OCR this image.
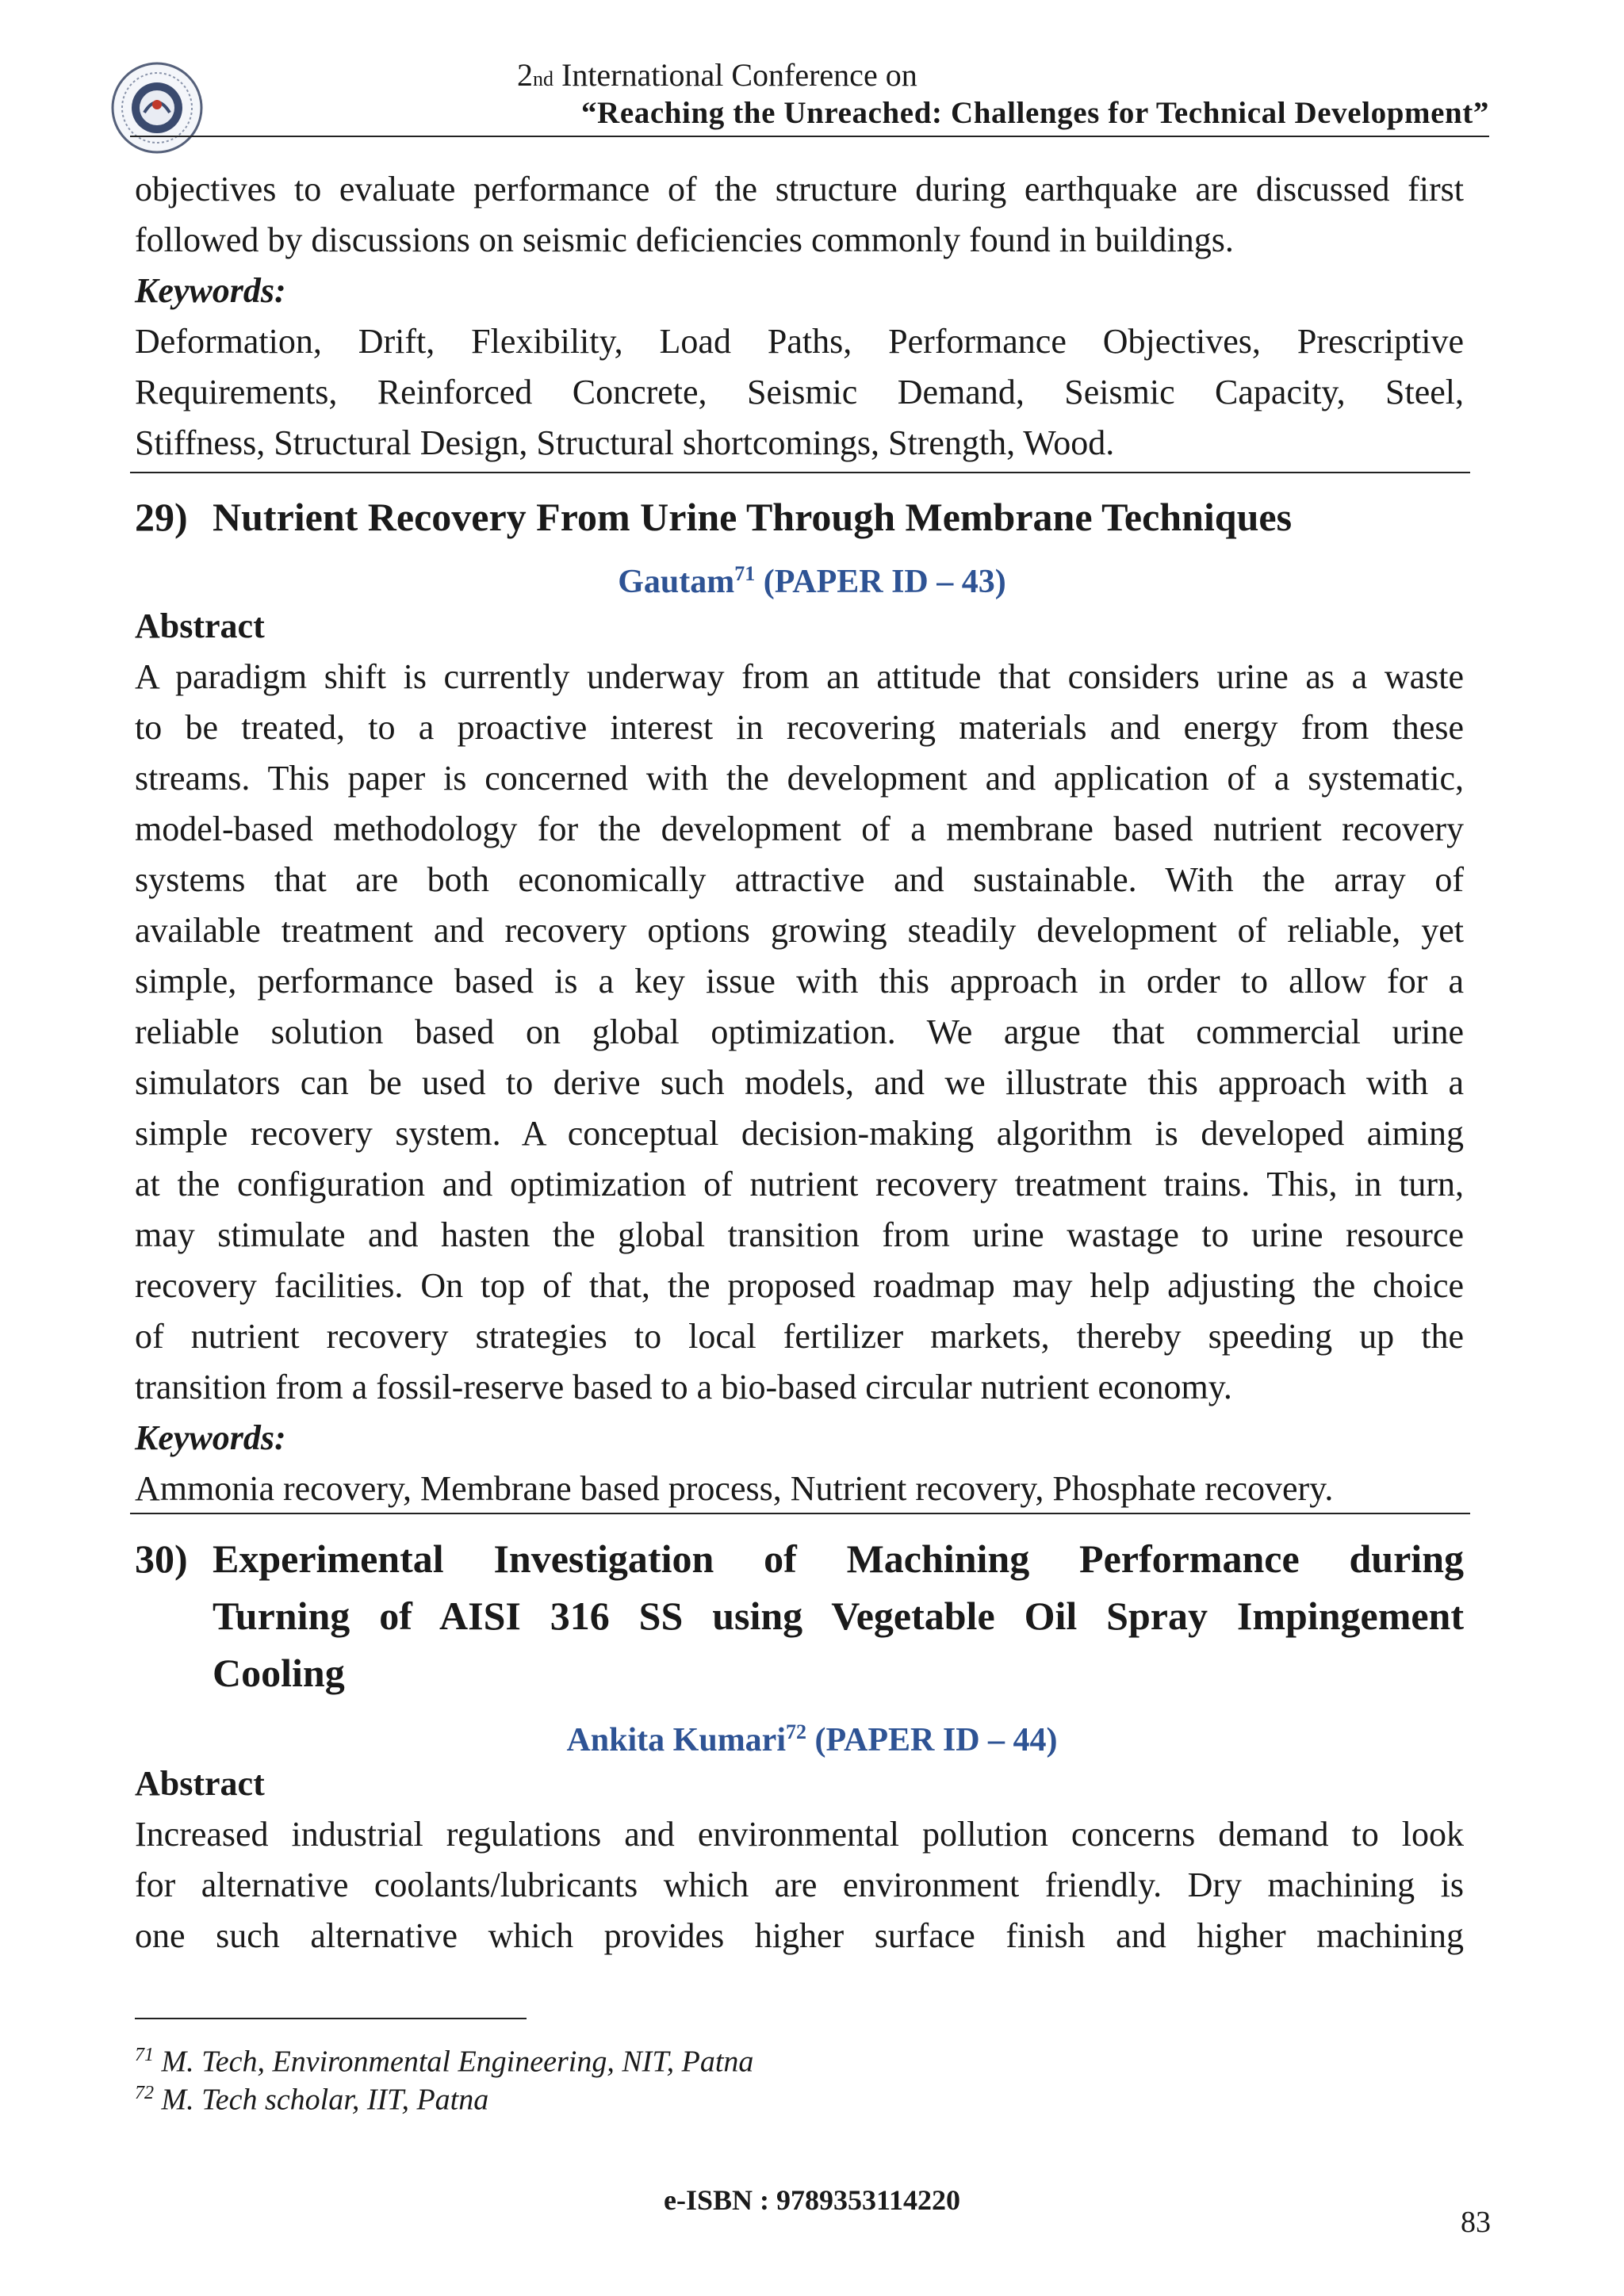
2nd International Conference on
“Reaching the Unreached: Challenges for Technical Development”
objectives to evaluate performance of the structure during earthquake are discussed first
followed by discussions on seismic deficiencies commonly found in buildings.
Keywords:
Deformation, Drift, Flexibility, Load Paths, Performance Objectives, Prescriptive
Requirements, Reinforced Concrete, Seismic Demand, Seismic Capacity, Steel,
Stiffness, Structural Design, Structural shortcomings, Strength, Wood.
29) Nutrient Recovery From Urine Through Membrane Techniques
Gautam$^{71}$ (PAPER ID – 43)
Abstract
A paradigm shift is currently underway from an attitude that considers urine as a waste
to be treated, to a proactive interest in recovering materials and energy from these
streams. This paper is concerned with the development and application of a systematic,
model-based methodology for the development of a membrane based nutrient recovery
systems that are both economically attractive and sustainable. With the array of
available treatment and recovery options growing steadily development of reliable, yet
simple, performance based is a key issue with this approach in order to allow for a
reliable solution based on global optimization. We argue that commercial urine
simulators can be used to derive such models, and we illustrate this approach with a
simple recovery system. A conceptual decision-making algorithm is developed aiming
at the configuration and optimization of nutrient recovery treatment trains. This, in turn,
may stimulate and hasten the global transition from urine wastage to urine resource
recovery facilities. On top of that, the proposed roadmap may help adjusting the choice
of nutrient recovery strategies to local fertilizer markets, thereby speeding up the
transition from a fossil-reserve based to a bio-based circular nutrient economy.
Keywords:
Ammonia recovery, Membrane based process, Nutrient recovery, Phosphate recovery.
30) Experimental Investigation of Machining Performance during
Turning of AISI 316 SS using Vegetable Oil Spray Impingement
Cooling
Ankita Kumari$^{72}$ (PAPER ID – 44)
Abstract
Increased industrial regulations and environmental pollution concerns demand to look
for alternative coolants/lubricants which are environment friendly. Dry machining is
one such alternative which provides higher surface finish and higher machining
$^{71}$ M. Tech, Environmental Engineering, NIT, Patna
$^{72}$ M. Tech scholar, IIT, Patna
e-ISBN : 9789353114220
83
